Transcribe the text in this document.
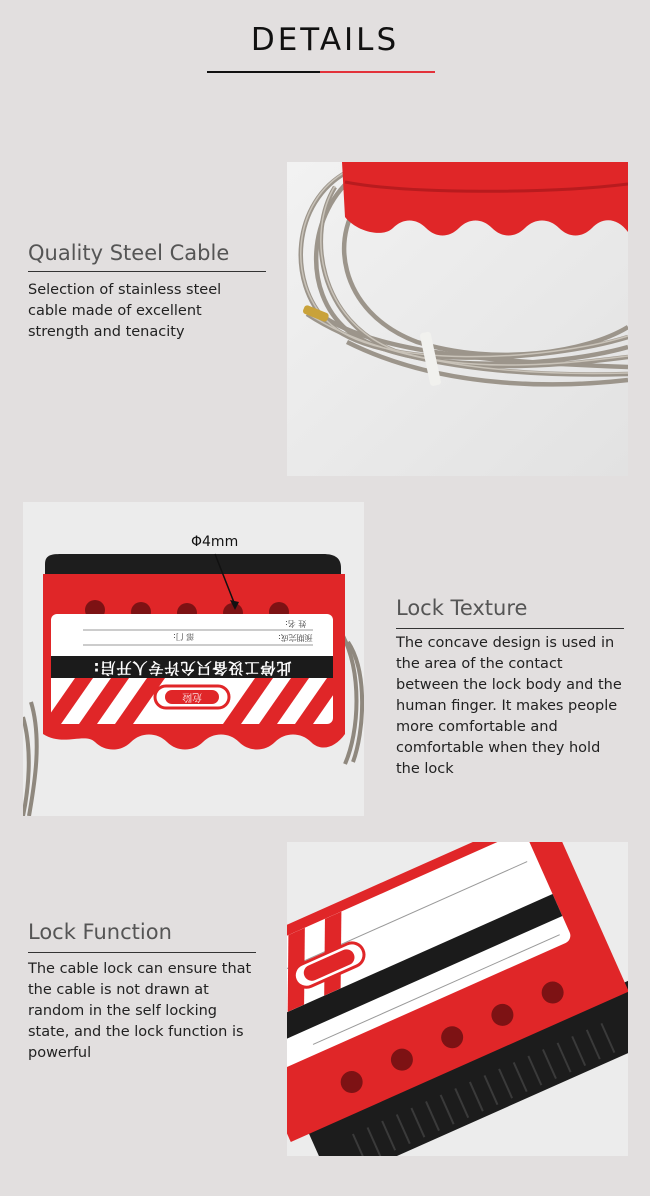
DETAILS
Quality Steel Cable
Selection of stainless steel cable made of excellent strength and tenacity
此停工设备只允许专人开启:
部 门:
姓 名:
预期完成:
危险
Φ4mm
Lock Texture
The concave design is used in the area of the contact between the lock body and the human finger. It makes people more comfortable and comfortable when they hold the lock
Lock Function
The cable lock can ensure that the cable is not drawn at random in the self locking state, and the lock function is powerful
